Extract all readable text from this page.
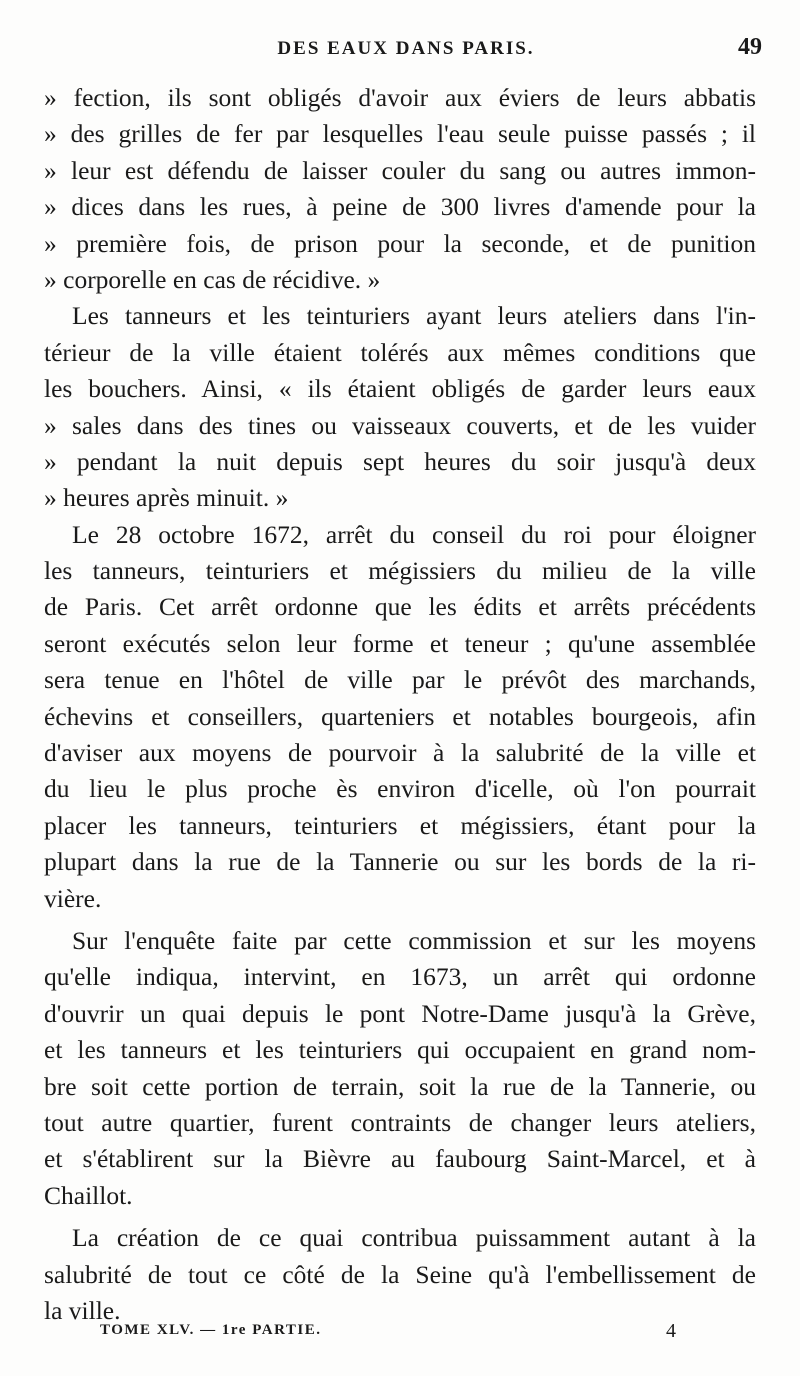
DES EAUX DANS PARIS.	49
» fection, ils sont obligés d'avoir aux éviers de leurs abbatis
» des grilles de fer par lesquelles l'eau seule puisse passés ; il
» leur est défendu de laisser couler du sang ou autres immon-
» dices dans les rues, à peine de 300 livres d'amende pour la
» première fois, de prison pour la seconde, et de punition
» corporelle en cas de récidive. »
Les tanneurs et les teinturiers ayant leurs ateliers dans l'in-
térieur de la ville étaient tolérés aux mêmes conditions que
les bouchers. Ainsi, « ils étaient obligés de garder leurs eaux
» sales dans des tines ou vaisseaux couverts, et de les vuider
» pendant la nuit depuis sept heures du soir jusqu'à deux
» heures après minuit. »
Le 28 octobre 1672, arrêt du conseil du roi pour éloigner
les tanneurs, teinturiers et mégissiers du milieu de la ville
de Paris. Cet arrêt ordonne que les édits et arrêts précédents
seront exécutés selon leur forme et teneur ; qu'une assemblée
sera tenue en l'hôtel de ville par le prévôt des marchands,
échevins et conseillers, quarteniers et notables bourgeois, afin
d'aviser aux moyens de pourvoir à la salubrité de la ville et
du lieu le plus proche ès environ d'icelle, où l'on pourrait
placer les tanneurs, teinturiers et mégissiers, étant pour la
plupart dans la rue de la Tannerie ou sur les bords de la ri-
vière.
Sur l'enquête faite par cette commission et sur les moyens
qu'elle indiqua, intervint, en 1673, un arrêt qui ordonne
d'ouvrir un quai depuis le pont Notre-Dame jusqu'à la Grève,
et les tanneurs et les teinturiers qui occupaient en grand nom-
bre soit cette portion de terrain, soit la rue de la Tannerie, ou
tout autre quartier, furent contraints de changer leurs ateliers,
et s'établirent sur la Bièvre au faubourg Saint-Marcel, et à
Chaillot.
La création de ce quai contribua puissamment autant à la
salubrité de tout ce côté de la Seine qu'à l'embellissement de
la ville.
TOME XLV. — 1re PARTIE.	4
